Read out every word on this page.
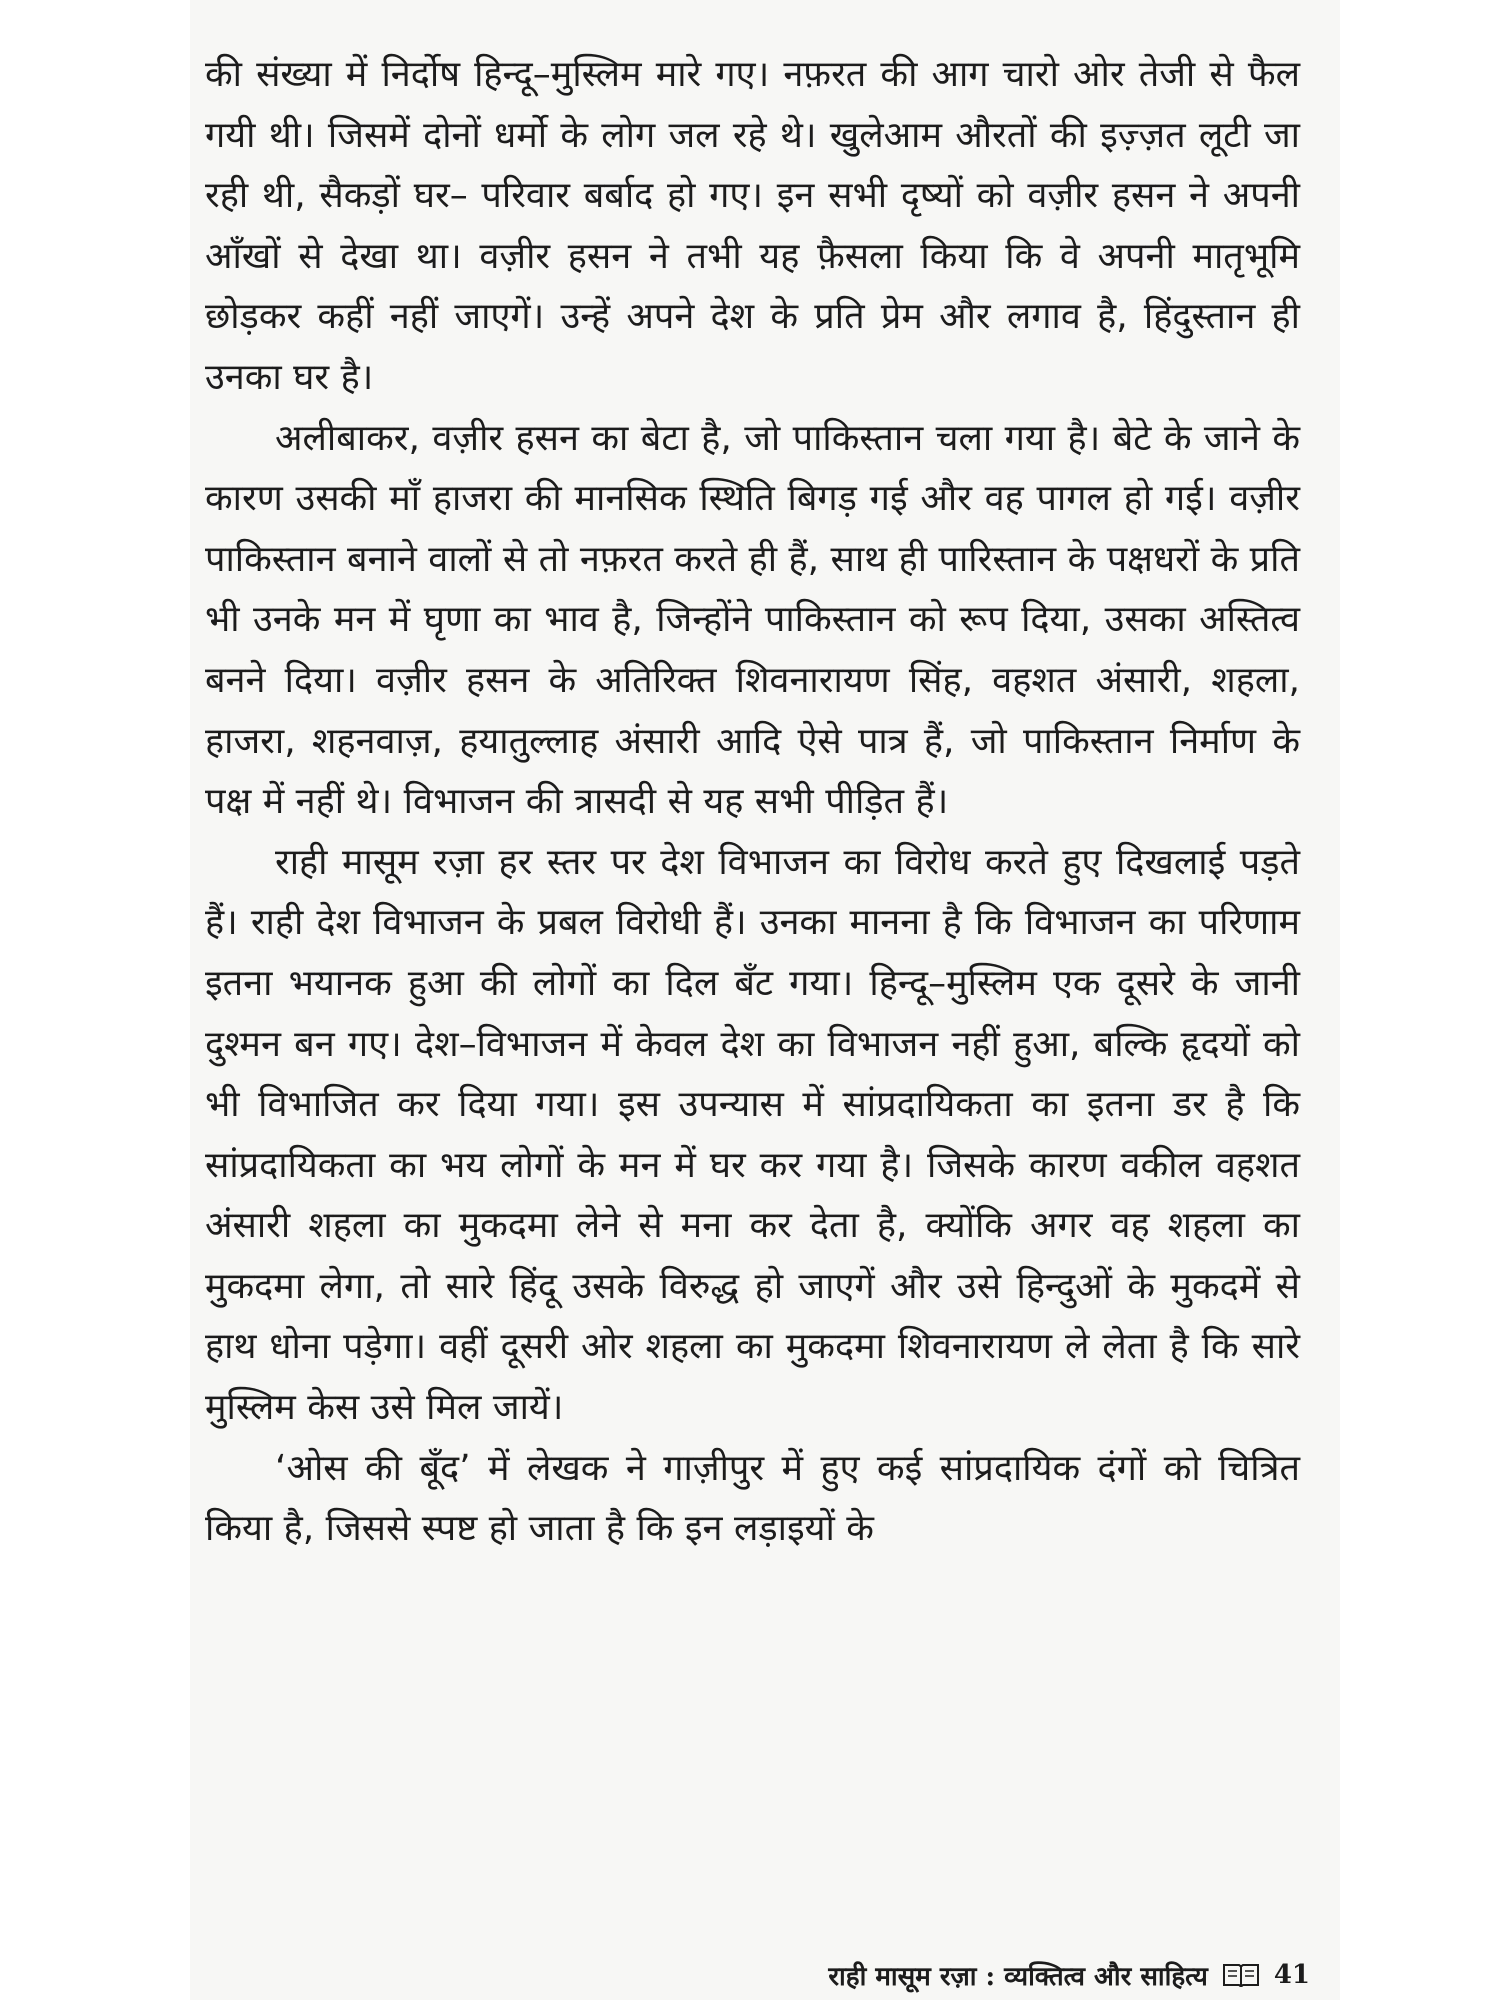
की संख्या में निर्दोष हिन्दू–मुस्लिम मारे गए। नफ़रत की आग चारो ओर तेजी से फैल गयी थी। जिसमें दोनों धर्मो के लोग जल रहे थे। खुलेआम औरतों की इज़्ज़त लूटी जा रही थी, सैकड़ों घर– परिवार बर्बाद हो गए। इन सभी दृष्यों को वज़ीर हसन ने अपनी आँखों से देखा था। वज़ीर हसन ने तभी यह फ़ैसला किया कि वे अपनी मातृभूमि छोड़कर कहीं नहीं जाएगें। उन्हें अपने देश के प्रति प्रेम और लगाव है, हिंदुस्तान ही उनका घर है।

अलीबाकर, वज़ीर हसन का बेटा है, जो पाकिस्तान चला गया है। बेटे के जाने के कारण उसकी माँ हाजरा की मानसिक स्थिति बिगड़ गई और वह पागल हो गई। वज़ीर पाकिस्तान बनाने वालों से तो नफ़रत करते ही हैं, साथ ही पारिस्तान के पक्षधरों के प्रति भी उनके मन में घृणा का भाव है, जिन्होंने पाकिस्तान को रूप दिया, उसका अस्तित्व बनने दिया। वज़ीर हसन के अतिरिक्त शिवनारायण सिंह, वहशत अंसारी, शहला, हाजरा, शहनवाज़, हयातुल्लाह अंसारी आदि ऐसे पात्र हैं, जो पाकिस्तान निर्माण के पक्ष में नहीं थे। विभाजन की त्रासदी से यह सभी पीड़ित हैं।

राही मासूम रज़ा हर स्तर पर देश विभाजन का विरोध करते हुए दिखलाई पड़ते हैं। राही देश विभाजन के प्रबल विरोधी हैं। उनका मानना है कि विभाजन का परिणाम इतना भयानक हुआ की लोगों का दिल बँट गया। हिन्दू–मुस्लिम एक दूसरे के जानी दुश्मन बन गए। देश–विभाजन में केवल देश का विभाजन नहीं हुआ, बल्कि हृदयों को भी विभाजित कर दिया गया। इस उपन्यास में सांप्रदायिकता का इतना डर है कि सांप्रदायिकता का भय लोगों के मन में घर कर गया है। जिसके कारण वकील वहशत अंसारी शहला का मुकदमा लेने से मना कर देता है, क्योंकि अगर वह शहला का मुकदमा लेगा, तो सारे हिंदू उसके विरुद्ध हो जाएगें और उसे हिन्दुओं के मुकदमें से हाथ धोना पड़ेगा। वहीं दूसरी ओर शहला का मुकदमा शिवनारायण ले लेता है कि सारे मुस्लिम केस उसे मिल जायें।

‘ओस की बूँद’ में लेखक ने गाज़ीपुर में हुए कई सांप्रदायिक दंगों को चित्रित किया है, जिससे स्पष्ट हो जाता है कि इन लड़ाइयों के

राही मासूम रज़ा : व्यक्तित्व और साहित्य	41
